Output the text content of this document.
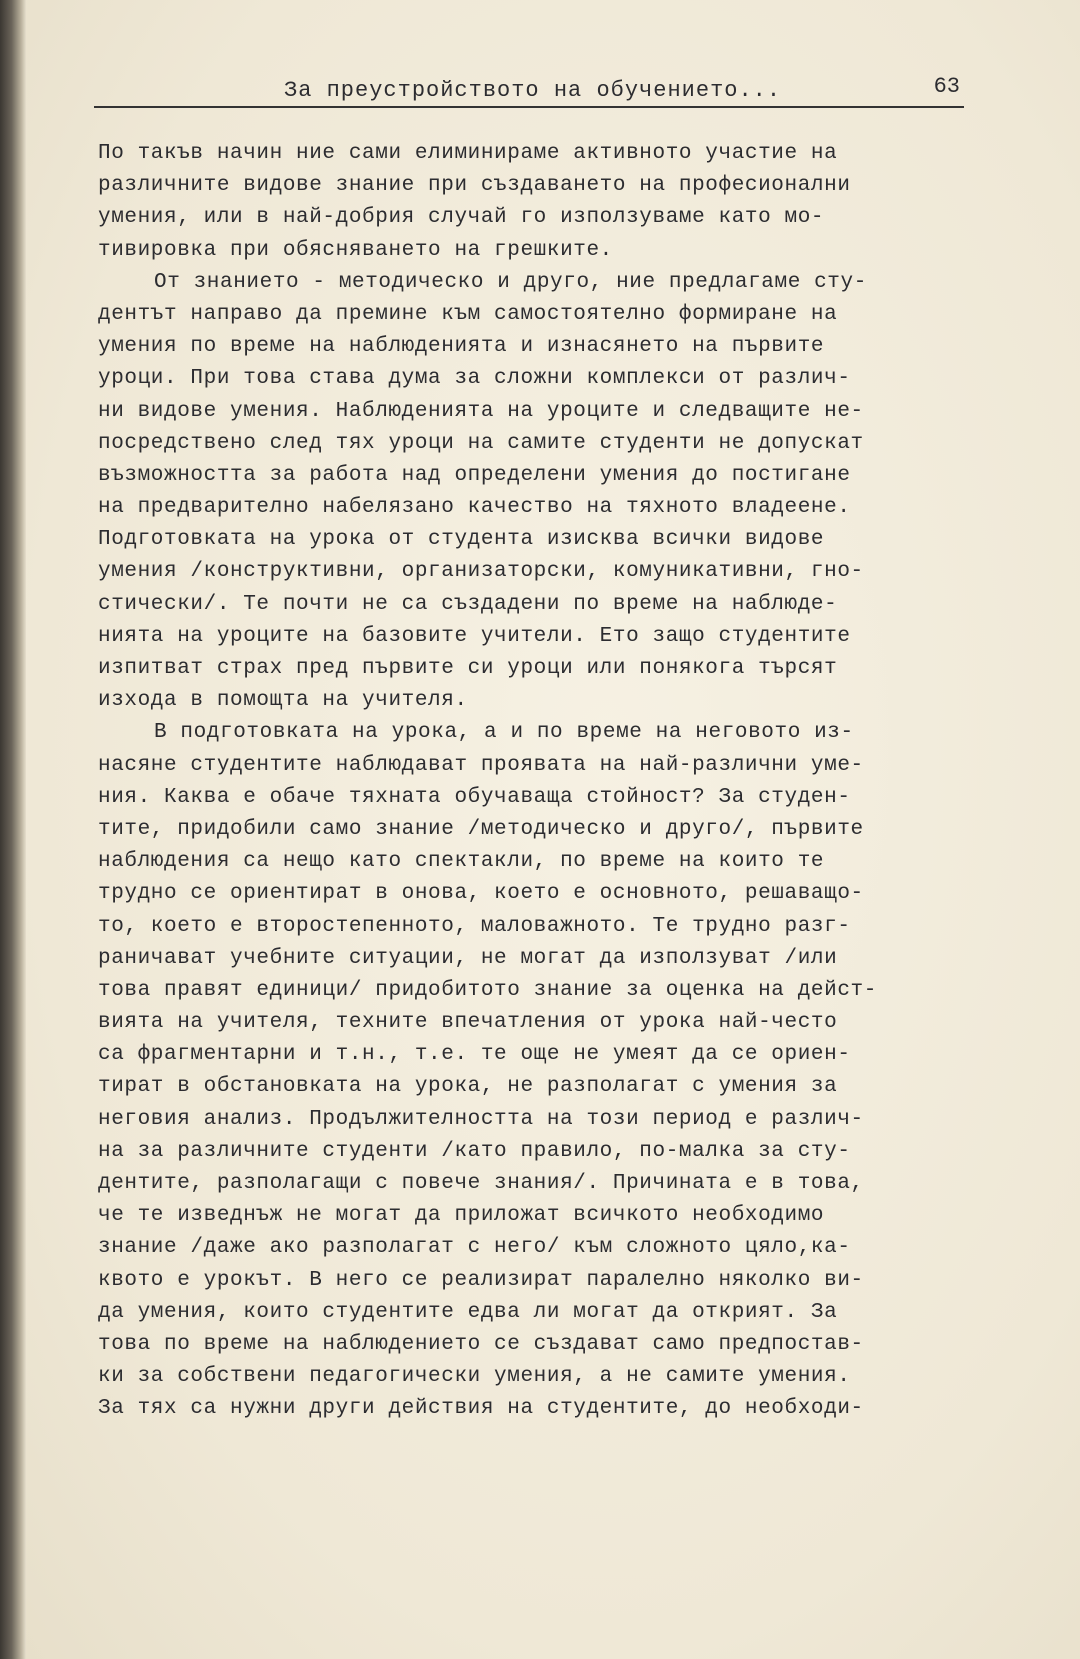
За преустройството на обучението...	63
По такъв начин ние сами елиминираме активното участие на
различните видове знание при създаването на професионални
умения, или в най-добрия случай го използуваме като мо-
тивировка при обясняването на грешките.
От знанието - методическо и друго, ние предлагаме сту-
дентът направо да премине към самостоятелно формиране на
умения по време на наблюденията и изнасянето на първите
уроци. При това става дума за сложни комплекси от различ-
ни видове умения. Наблюденията на уроците и следващите не-
посредствено след тях уроци на самите студенти не допускат
възможността за работа над определени умения до постигане
на предварително набелязано качество на тяхното владеене.
Подготовката на урока от студента изисква всички видове
умения /конструктивни, организаторски, комуникативни, гно-
стически/. Те почти не са създадени по време на наблюде-
нията на уроците на базовите учители. Ето защо студентите
изпитват страх пред първите си уроци или понякога търсят
изхода в помощта на учителя.
В подготовката на урока, а и по време на неговото из-
насяне студентите наблюдават проявата на най-различни уме-
ния. Каква е обаче тяхната обучаваща стойност? За студен-
тите, придобили само знание /методическо и друго/, първите
наблюдения са нещо като спектакли, по време на които те
трудно се ориентират в онова, което е основното, решаващо-
то, което е второстепенното, маловажното. Те трудно разг-
раничават учебните ситуации, не могат да използуват /или
това правят единици/ придобитото знание за оценка на дейст-
вията на учителя, техните впечатления от урока най-често
са фрагментарни и т.н., т.е. те още не умеят да се ориен-
тират в обстановката на урока, не разполагат с умения за
неговия анализ. Продължителността на този период е различ-
на за различните студенти /като правило, по-малка за сту-
дентите, разполагащи с повече знания/. Причината е в това,
че те изведнъж не могат да приложат всичкото необходимо
знание /даже ако разполагат с него/ към сложното цяло,ка-
квото е урокът. В него се реализират паралелно няколко ви-
да умения, които студентите едва ли могат да открият. За
това по време на наблюдението се създават само предпостав-
ки за собствени педагогически умения, а не самите умения.
За тях са нужни други действия на студентите, до необходи-
